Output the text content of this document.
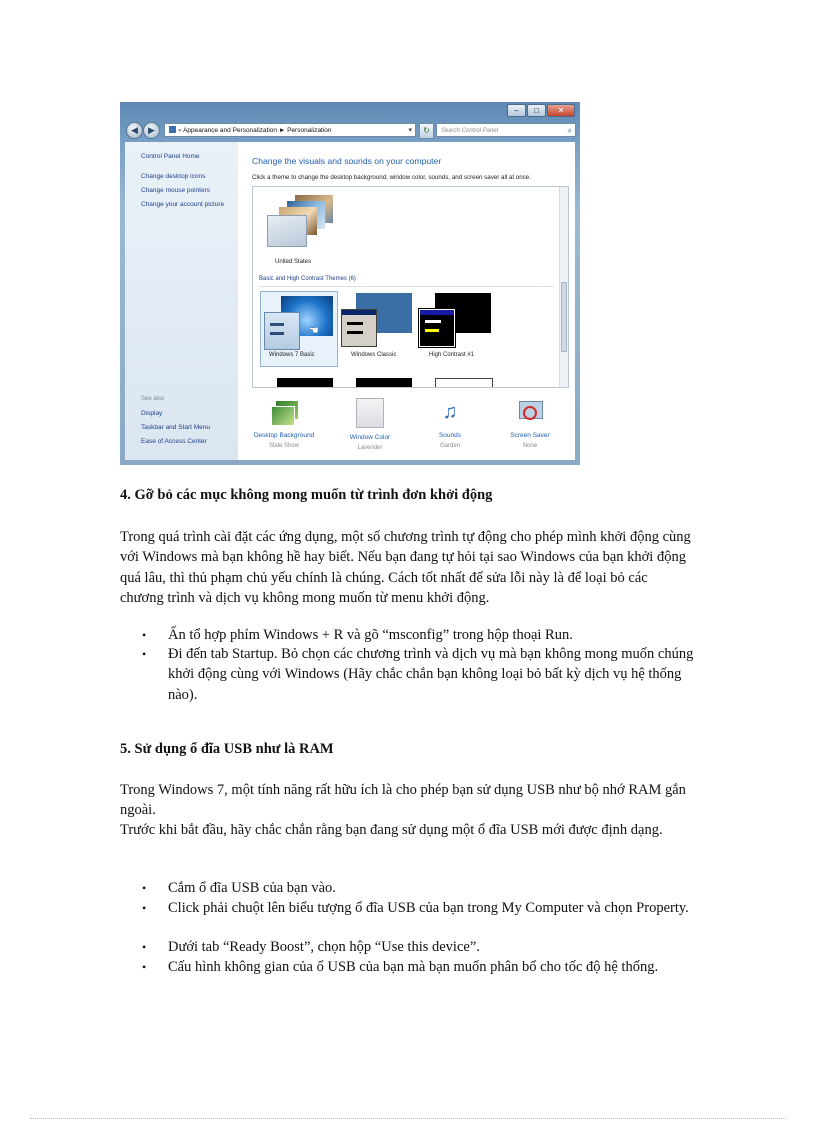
–	□	✕
◀	▶	« Appearance and Personalization ► Personalization	▾	↻	Search Control Panel	⌕
Control Panel Home
Change desktop icons
Change mouse pointers
Change your account picture
See also
Display
Taskbar and Start Menu
Ease of Access Center
Change the visuals and sounds on your computer
Click a theme to change the desktop background, window color, sounds, and screen saver all at once.
United States
Basic and High Contrast Themes (6)
☚
Windows 7 Basic	Windows Classic	High Contrast #1
Desktop Background
Slide Show
Window Color
Lavender
♫
Sounds
Garden
Screen Saver
None
4. Gỡ bỏ các mục không mong muốn từ trình đơn khởi động

Trong quá trình cài đặt các ứng dụng, một số chương trình tự động cho phép mình khởi động cùng với Windows mà bạn không hề hay biết. Nếu bạn đang tự hỏi tại sao Windows của bạn khởi động quá lâu, thì thủ phạm chủ yếu chính là chúng. Cách tốt nhất để sửa lỗi này là để loại bỏ các chương trình và dịch vụ không mong muốn từ menu khởi động.

• Ấn tổ hợp phím Windows + R và gõ “msconfig” trong hộp thoại Run.
• Đi đến tab Startup. Bỏ chọn các chương trình và dịch vụ mà bạn không mong muốn chúng khởi động cùng với Windows (Hãy chắc chắn bạn không loại bỏ bất kỳ dịch vụ hệ thống nào).
5. Sử dụng ổ đĩa USB như là RAM

Trong Windows 7, một tính năng rất hữu ích là cho phép bạn sử dụng USB như bộ nhớ RAM gắn ngoài.

Trước khi bắt đầu, hãy chắc chắn rằng bạn đang sử dụng một ổ đĩa USB mới được định dạng.

• Cắm ổ đĩa USB của bạn vào.
• Click phải chuột lên biểu tượng ổ đĩa USB của bạn trong My Computer và chọn Property.
• Dưới tab “Ready Boost”, chọn hộp “Use this device”.
• Cấu hình không gian của ổ USB của bạn mà bạn muốn phân bổ cho tốc độ hệ thống.
